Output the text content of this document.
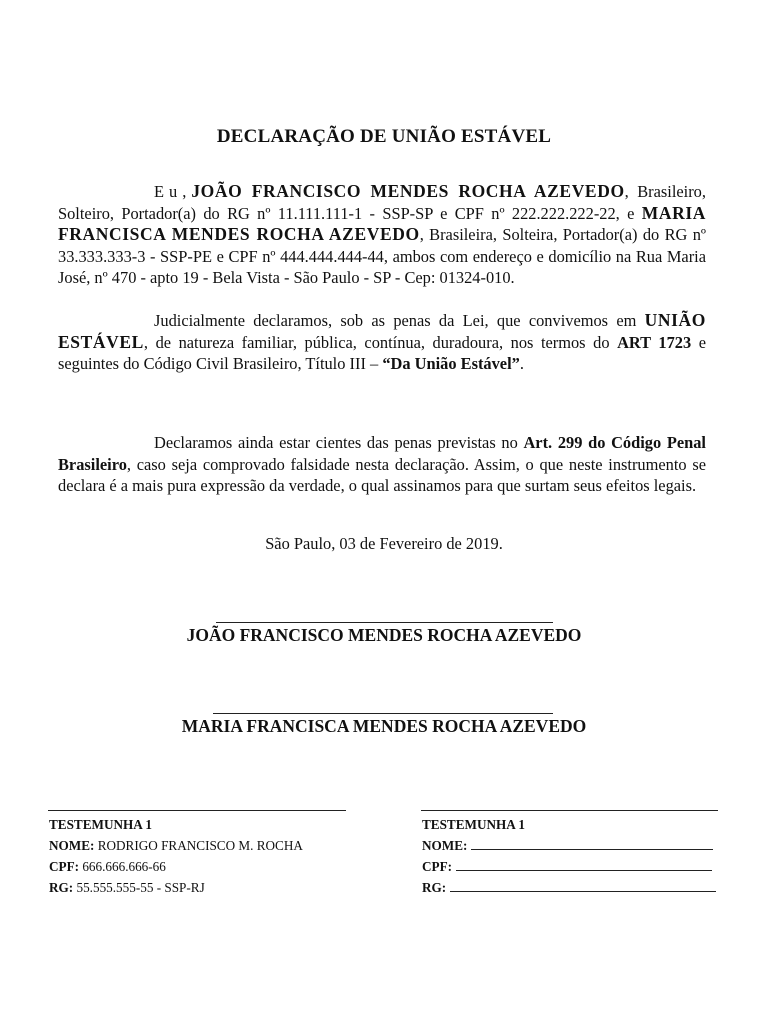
DECLARAÇÃO DE UNIÃO ESTÁVEL

Eu,JOÃO FRANCISCO MENDES ROCHA AZEVEDO, Brasileiro, Solteiro, Portador(a) do RG nº 11.111.111-1 - SSP-SP e CPF nº 222.222.222-22, e MARIA FRANCISCA MENDES ROCHA AZEVEDO, Brasileira, Solteira, Portador(a) do RG nº 33.333.333-3 - SSP-PE e CPF nº 444.444.444-44, ambos com endereço e domicílio na Rua Maria José, nº 470 - apto 19 - Bela Vista - São Paulo - SP - Cep: 01324-010.

Judicialmente declaramos, sob as penas da Lei, que convivemos em UNIÃO ESTÁVEL, de natureza familiar, pública, contínua, duradoura, nos termos do ART 1723 e seguintes do Código Civil Brasileiro, Título III – “Da União Estável”.

Declaramos ainda estar cientes das penas previstas no Art. 299 do Código Penal Brasileiro, caso seja comprovado falsidade nesta declaração. Assim, o que neste instrumento se declara é a mais pura expressão da verdade, o qual assinamos para que surtam seus efeitos legais.

São Paulo, 03 de Fevereiro de 2019.
JOÃO FRANCISCO MENDES ROCHA AZEVEDO
MARIA FRANCISCA MENDES ROCHA AZEVEDO
TESTEMUNHA 1
NOME: RODRIGO FRANCISCO M. ROCHA
CPF: 666.666.666-66
RG: 55.555.555-55 - SSP-RJ
TESTEMUNHA 1
NOME:
CPF:
RG:
